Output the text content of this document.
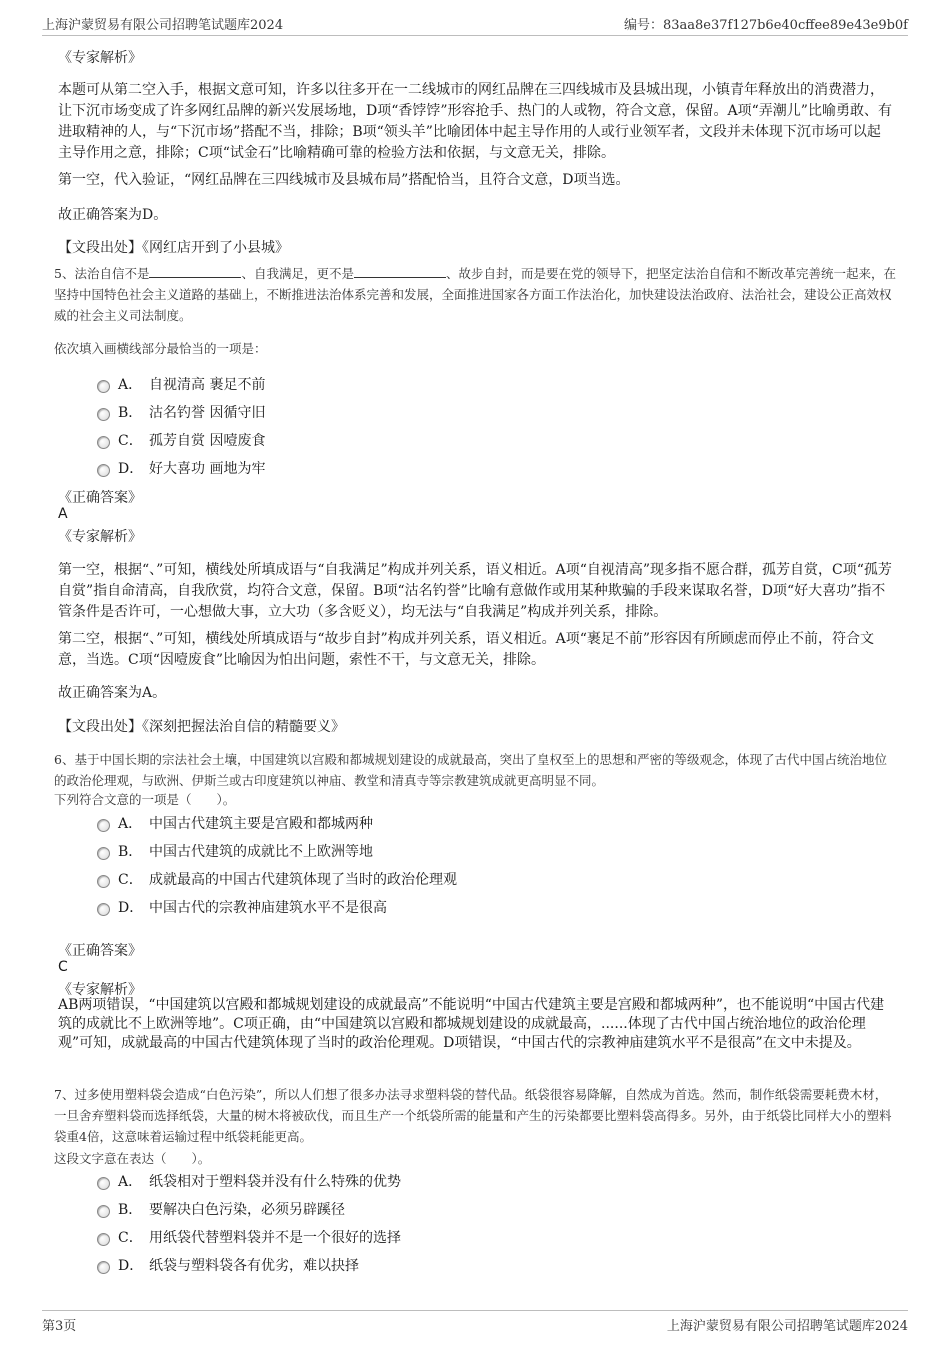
上海沪蒙贸易有限公司招聘笔试题库2024	编号：83aa8e37f127b6e40cffee89e43e9b0f
《专家解析》

本题可从第二空入手，根据文意可知，许多以往多开在一二线城市的网红品牌在三四线城市及县城出现，小镇青年释放出的消费潜力，让下沉市场变成了许多网红品牌的新兴发展场地，D项“香饽饽”形容抢手、热门的人或物，符合文意，保留。A项“弄潮儿”比喻勇敢、有进取精神的人，与“下沉市场”搭配不当，排除；B项“领头羊”比喻团体中起主导作用的人或行业领军者，文段并未体现下沉市场可以起主导作用之意，排除；C项“试金石”比喻精确可靠的检验方法和依据，与文意无关，排除。

第一空，代入验证，“网红品牌在三四线城市及县城布局”搭配恰当，且符合文意，D项当选。

故正确答案为D。
【文段出处】《网红店开到了小县城》

5、法治自信不是	、自我满足，更不是	、故步自封，而是要在党的领导下，把坚定法治自信和不断改革完善统一起来，在坚持中国特色社会主义道路的基础上，不断推进法治体系完善和发展，全面推进国家各方面工作法治化，加快建设法治政府、法治社会，建设公正高效权威的社会主义司法制度。

依次填入画横线部分最恰当的一项是：
A． 自视清高 裹足不前
B． 沽名钓誉 因循守旧
C． 孤芳自赏 因噎废食
D． 好大喜功 画地为牢
《正确答案》
A
《专家解析》

第一空，根据“、”可知，横线处所填成语与“自我满足”构成并列关系，语义相近。A项“自视清高”现多指不愿合群，孤芳自赏，C项“孤芳自赏”指自命清高，自我欣赏，均符合文意，保留。B项“沽名钓誉”比喻有意做作或用某种欺骗的手段来谋取名誉，D项“好大喜功”指不管条件是否许可，一心想做大事，立大功（多含贬义），均无法与“自我满足”构成并列关系，排除。

第二空，根据“、”可知，横线处所填成语与“故步自封”构成并列关系，语义相近。A项“裹足不前”形容因有所顾虑而停止不前，符合文意，当选。C项“因噎废食”比喻因为怕出问题，索性不干，与文意无关，排除。

故正确答案为A。
【文段出处】《深刻把握法治自信的精髓要义》

6、基于中国长期的宗法社会土壤，中国建筑以宫殿和都城规划建设的成就最高，突出了皇权至上的思想和严密的等级观念，体现了古代中国占统治地位的政治伦理观，与欧洲、伊斯兰或古印度建筑以神庙、教堂和清真寺等宗教建筑成就更高明显不同。

下列符合文意的一项是（　　）。
A． 中国古代建筑主要是宫殿和都城两种
B． 中国古代建筑的成就比不上欧洲等地
C． 成就最高的中国古代建筑体现了当时的政治伦理观
D． 中国古代的宗教神庙建筑水平不是很高
《正确答案》
C
《专家解析》

AB两项错误，“中国建筑以宫殿和都城规划建设的成就最高”不能说明“中国古代建筑主要是宫殿和都城两种”，也不能说明“中国古代建筑的成就比不上欧洲等地”。C项正确，由“中国建筑以宫殿和都城规划建设的成就最高，......体现了古代中国占统治地位的政治伦理观”可知，成就最高的中国古代建筑体现了当时的政治伦理观。D项错误，“中国古代的宗教神庙建筑水平不是很高”在文中未提及。

7、过多使用塑料袋会造成“白色污染”，所以人们想了很多办法寻求塑料袋的替代品。纸袋很容易降解，自然成为首选。然而，制作纸袋需要耗费木材，一旦舍弃塑料袋而选择纸袋，大量的树木将被砍伐，而且生产一个纸袋所需的能量和产生的污染都要比塑料袋高得多。另外，由于纸袋比同样大小的塑料袋重4倍，这意味着运输过程中纸袋耗能更高。

这段文字意在表达（　　）。
A． 纸袋相对于塑料袋并没有什么特殊的优势
B． 要解决白色污染，必须另辟蹊径
C． 用纸袋代替塑料袋并不是一个很好的选择
D． 纸袋与塑料袋各有优劣，难以抉择
第3页	上海沪蒙贸易有限公司招聘笔试题库2024
